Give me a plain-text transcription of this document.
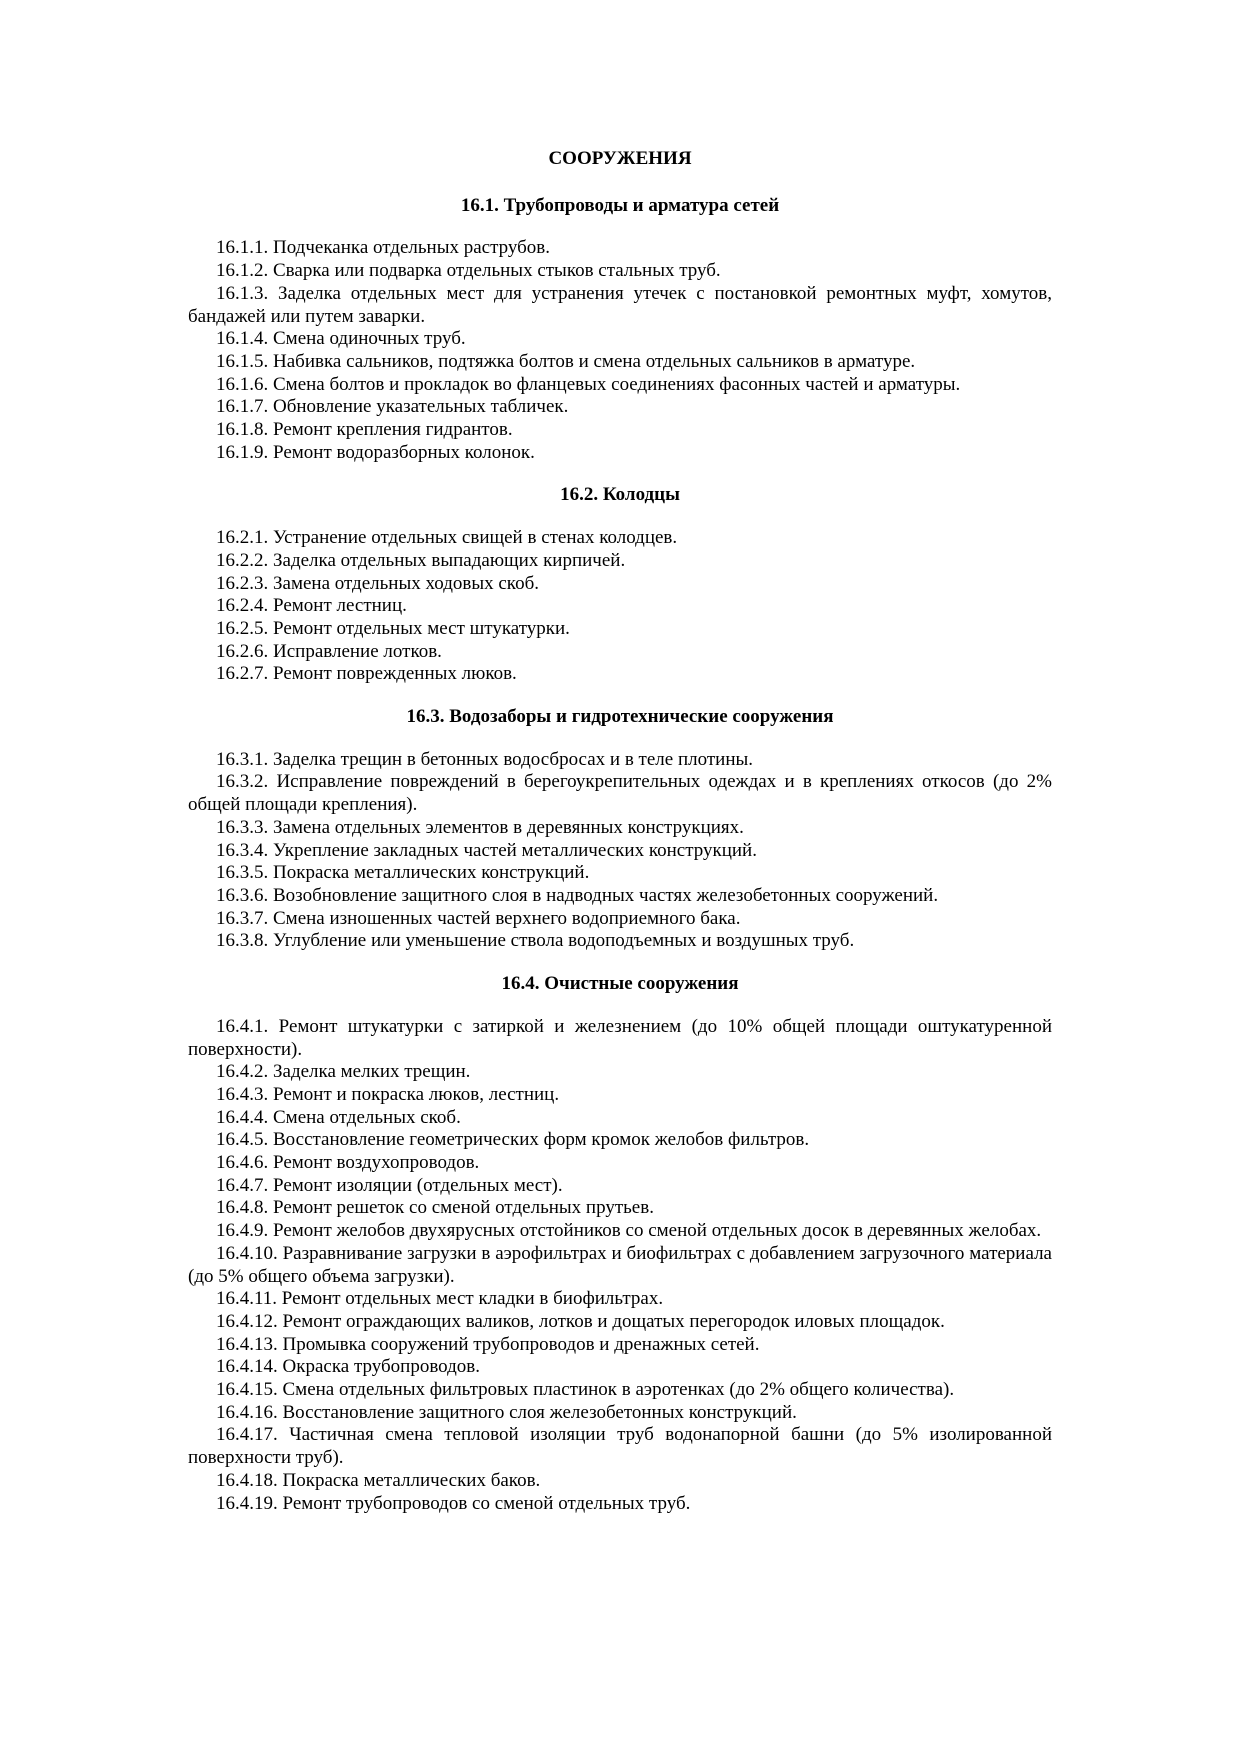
СООРУЖЕНИЯ
16.1. Трубопроводы и арматура сетей

16.1.1. Подчеканка отдельных раструбов.

16.1.2. Сварка или подварка отдельных стыков стальных труб.

16.1.3. Заделка отдельных мест для устранения утечек с постановкой ремонтных муфт, хомутов, бандажей или путем заварки.

16.1.4. Смена одиночных труб.

16.1.5. Набивка сальников, подтяжка болтов и смена отдельных сальников в арматуре.

16.1.6. Смена болтов и прокладок во фланцевых соединениях фасонных частей и арматуры.

16.1.7. Обновление указательных табличек.

16.1.8. Ремонт крепления гидрантов.

16.1.9. Ремонт водоразборных колонок.

16.2. Колодцы

16.2.1. Устранение отдельных свищей в стенах колодцев.

16.2.2. Заделка отдельных выпадающих кирпичей.

16.2.3. Замена отдельных ходовых скоб.

16.2.4. Ремонт лестниц.

16.2.5. Ремонт отдельных мест штукатурки.

16.2.6. Исправление лотков.

16.2.7. Ремонт поврежденных люков.

16.3. Водозаборы и гидротехнические сооружения

16.3.1. Заделка трещин в бетонных водосбросах и в теле плотины.

16.3.2. Исправление повреждений в берегоукрепительных одеждах и в креплениях откосов (до 2% общей площади крепления).

16.3.3. Замена отдельных элементов в деревянных конструкциях.

16.3.4. Укрепление закладных частей металлических конструкций.

16.3.5. Покраска металлических конструкций.

16.3.6. Возобновление защитного слоя в надводных частях железобетонных сооружений.

16.3.7. Смена изношенных частей верхнего водоприемного бака.

16.3.8. Углубление или уменьшение ствола водоподъемных и воздушных труб.

16.4. Очистные сооружения

16.4.1. Ремонт штукатурки с затиркой и железнением (до 10% общей площади оштукатуренной поверхности).

16.4.2. Заделка мелких трещин.

16.4.3. Ремонт и покраска люков, лестниц.

16.4.4. Смена отдельных скоб.

16.4.5. Восстановление геометрических форм кромок желобов фильтров.

16.4.6. Ремонт воздухопроводов.

16.4.7. Ремонт изоляции (отдельных мест).

16.4.8. Ремонт решеток со сменой отдельных прутьев.

16.4.9. Ремонт желобов двухярусных отстойников со сменой отдельных досок в деревянных желобах.

16.4.10. Разравнивание загрузки в аэрофильтрах и биофильтрах с добавлением загрузочного материала (до 5% общего объема загрузки).

16.4.11. Ремонт отдельных мест кладки в биофильтрах.

16.4.12. Ремонт ограждающих валиков, лотков и дощатых перегородок иловых площадок.

16.4.13. Промывка сооружений трубопроводов и дренажных сетей.

16.4.14. Окраска трубопроводов.

16.4.15. Смена отдельных фильтровых пластинок в аэротенках (до 2% общего количества).

16.4.16. Восстановление защитного слоя железобетонных конструкций.

16.4.17. Частичная смена тепловой изоляции труб водонапорной башни (до 5% изолированной поверхности труб).

16.4.18. Покраска металлических баков.

16.4.19. Ремонт трубопроводов со сменой отдельных труб.
